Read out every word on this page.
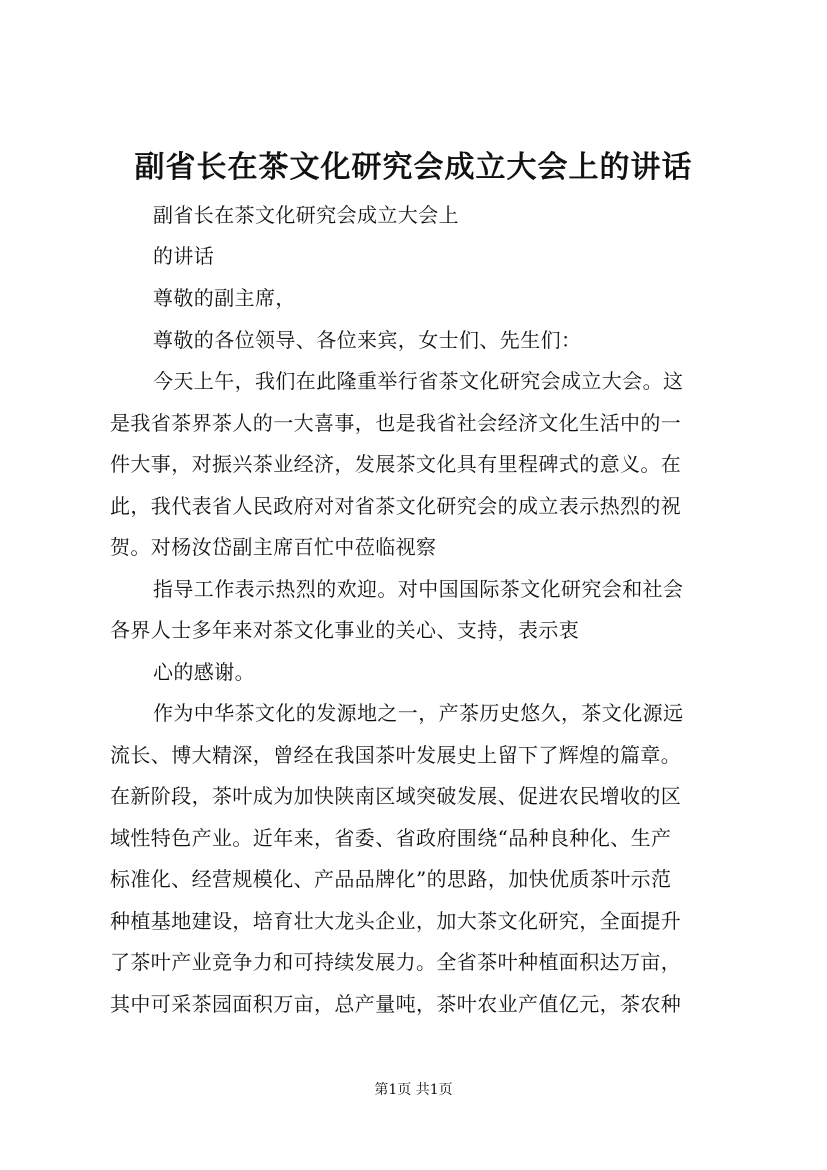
副省长在茶文化研究会成立大会上的讲话
副省长在茶文化研究会成立大会上
的讲话
尊敬的副主席，
尊敬的各位领导、各位来宾，女士们、先生们：
今天上午，我们在此隆重举行省茶文化研究会成立大会。这
是我省茶界茶人的一大喜事，也是我省社会经济文化生活中的一
件大事，对振兴茶业经济，发展茶文化具有里程碑式的意义。在
此，我代表省人民政府对对省茶文化研究会的成立表示热烈的祝
贺。对杨汝岱副主席百忙中莅临视察
指导工作表示热烈的欢迎。对中国国际茶文化研究会和社会
各界人士多年来对茶文化事业的关心、支持，表示衷
心的感谢。
作为中华茶文化的发源地之一，产茶历史悠久，茶文化源远
流长、博大精深，曾经在我国茶叶发展史上留下了辉煌的篇章。
在新阶段，茶叶成为加快陕南区域突破发展、促进农民增收的区
域性特色产业。近年来，省委、省政府围绕“品种良种化、生产
标准化、经营规模化、产品品牌化”的思路，加快优质茶叶示范
种植基地建设，培育壮大龙头企业，加大茶文化研究，全面提升
了茶叶产业竞争力和可持续发展力。全省茶叶种植面积达万亩，
其中可采茶园面积万亩，总产量吨，茶叶农业产值亿元，茶农种
第1页 共1页
